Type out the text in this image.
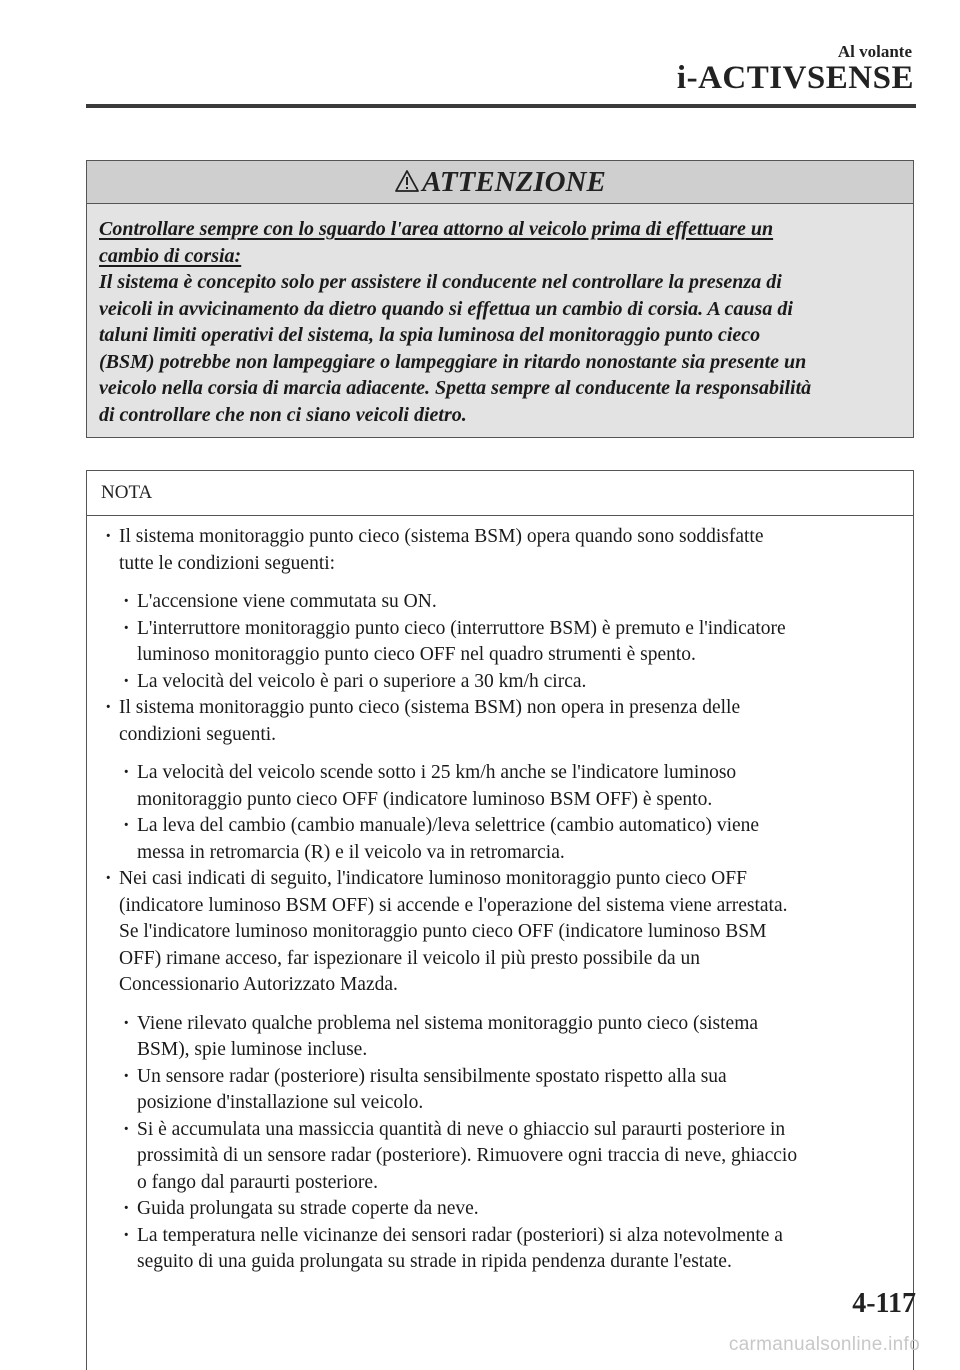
Al volante
i-ACTIVSENSE
ATTENZIONE
Controllare sempre con lo sguardo l'area attorno al veicolo prima di effettuare un
cambio di corsia:
Il sistema è concepito solo per assistere il conducente nel controllare la presenza di
veicoli in avvicinamento da dietro quando si effettua un cambio di corsia. A causa di
taluni limiti operativi del sistema, la spia luminosa del monitoraggio punto cieco
(BSM) potrebbe non lampeggiare o lampeggiare in ritardo nonostante sia presente un
veicolo nella corsia di marcia adiacente. Spetta sempre al conducente la responsabilità
di controllare che non ci siano veicoli dietro.
NOTA
· Il sistema monitoraggio punto cieco (sistema BSM) opera quando sono soddisfatte
tutte le condizioni seguenti:
· L'accensione viene commutata su ON.
· L'interruttore monitoraggio punto cieco (interruttore BSM) è premuto e l'indicatore
luminoso monitoraggio punto cieco OFF nel quadro strumenti è spento.
· La velocità del veicolo è pari o superiore a 30 km/h circa.
· Il sistema monitoraggio punto cieco (sistema BSM) non opera in presenza delle
condizioni seguenti.
· La velocità del veicolo scende sotto i 25 km/h anche se l'indicatore luminoso
monitoraggio punto cieco OFF (indicatore luminoso BSM OFF) è spento.
· La leva del cambio (cambio manuale)/leva selettrice (cambio automatico) viene
messa in retromarcia (R) e il veicolo va in retromarcia.
· Nei casi indicati di seguito, l'indicatore luminoso monitoraggio punto cieco OFF
(indicatore luminoso BSM OFF) si accende e l'operazione del sistema viene arrestata.
Se l'indicatore luminoso monitoraggio punto cieco OFF (indicatore luminoso BSM
OFF) rimane acceso, far ispezionare il veicolo il più presto possibile da un
Concessionario Autorizzato Mazda.
· Viene rilevato qualche problema nel sistema monitoraggio punto cieco (sistema
BSM), spie luminose incluse.
· Un sensore radar (posteriore) risulta sensibilmente spostato rispetto alla sua
posizione d'installazione sul veicolo.
· Si è accumulata una massiccia quantità di neve o ghiaccio sul paraurti posteriore in
prossimità di un sensore radar (posteriore). Rimuovere ogni traccia di neve, ghiaccio
o fango dal paraurti posteriore.
· Guida prolungata su strade coperte da neve.
· La temperatura nelle vicinanze dei sensori radar (posteriori) si alza notevolmente a
seguito di una guida prolungata su strade in ripida pendenza durante l'estate.
4-117
carmanualsonline.info
